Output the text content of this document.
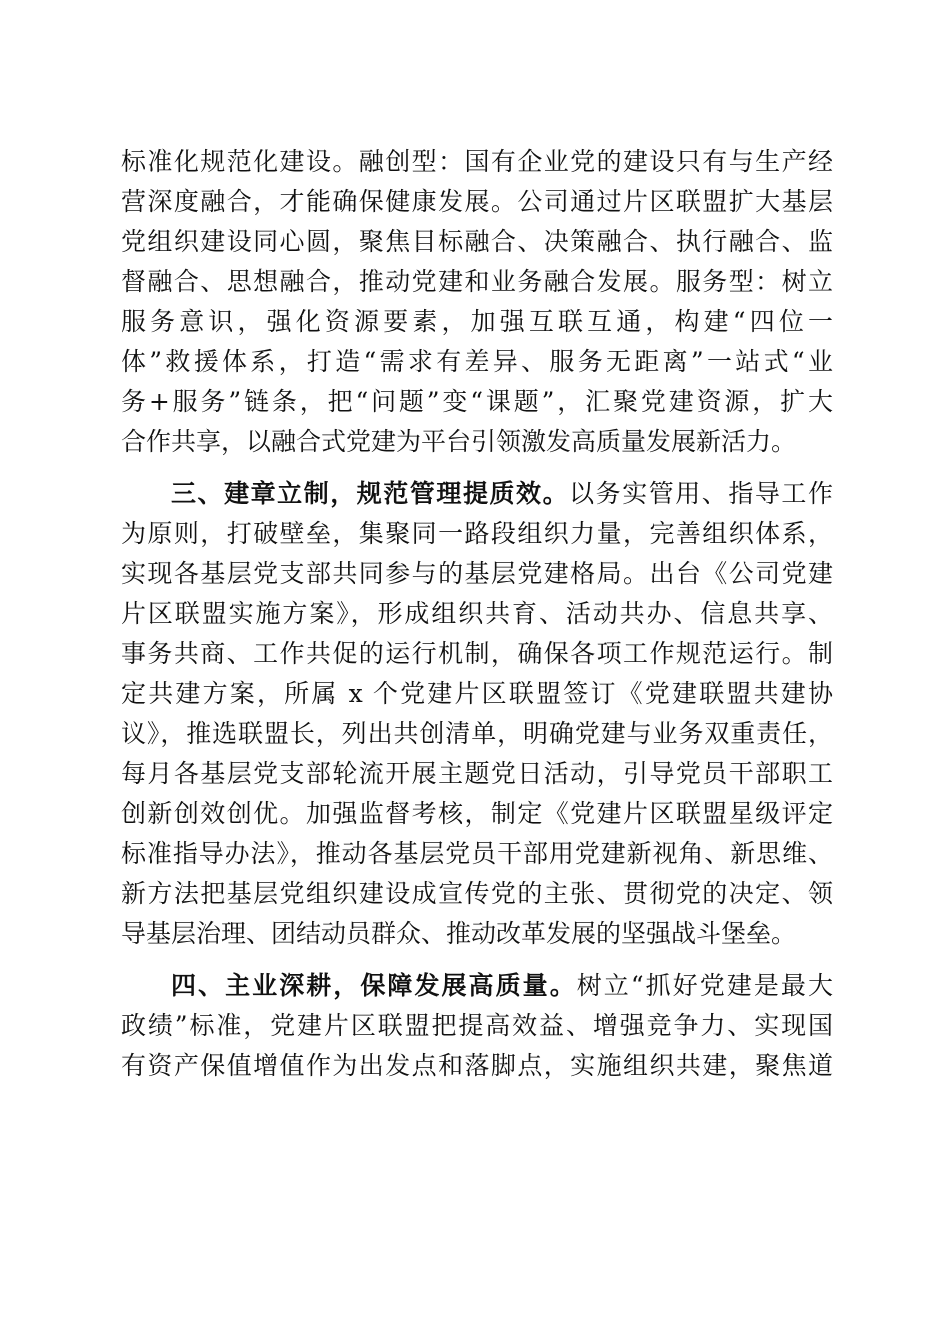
标准化规范化建设。融创型：国有企业党的建设只有与生产经
营深度融合，才能确保健康发展。公司通过片区联盟扩大基层
党组织建设同心圆，聚焦目标融合、决策融合、执行融合、监
督融合、思想融合，推动党建和业务融合发展。服务型：树立
服务意识，强化资源要素，加强互联互通，构建“四位一
体”救援体系，打造“需求有差异、服务无距离”一站式“业
务+服务”链条，把“问题”变“课题”，汇聚党建资源，扩大
合作共享，以融合式党建为平台引领激发高质量发展新活力。
三、建章立制，规范管理提质效。以务实管用、指导工作
为原则，打破壁垒，集聚同一路段组织力量，完善组织体系，
实现各基层党支部共同参与的基层党建格局。出台《公司党建
片区联盟实施方案》，形成组织共育、活动共办、信息共享、
事务共商、工作共促的运行机制，确保各项工作规范运行。制
定共建方案，所属 x 个党建片区联盟签订《党建联盟共建协
议》，推选联盟长，列出共创清单，明确党建与业务双重责任，
每月各基层党支部轮流开展主题党日活动，引导党员干部职工
创新创效创优。加强监督考核，制定《党建片区联盟星级评定
标准指导办法》，推动各基层党员干部用党建新视角、新思维、
新方法把基层党组织建设成宣传党的主张、贯彻党的决定、领
导基层治理、团结动员群众、推动改革发展的坚强战斗堡垒。
四、主业深耕，保障发展高质量。树立“抓好党建是最大
政绩”标准，党建片区联盟把提高效益、增强竞争力、实现国
有资产保值增值作为出发点和落脚点，实施组织共建，聚焦道
